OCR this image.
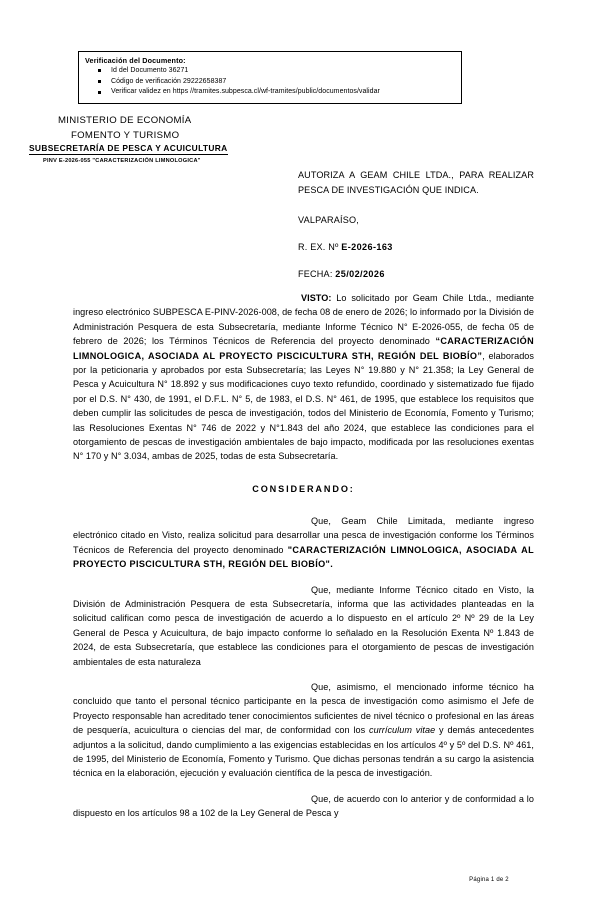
Verificación del Documento:
Id del Documento 36271
Código de verificación 29222658387
Verificar validez en https //tramites.subpesca.cl/wf-tramites/public/documentos/validar
MINISTERIO DE ECONOMÍA
FOMENTO Y TURISMO
SUBSECRETARÍA DE PESCA Y ACUICULTURA
PINV E-2026-055 "CARACTERIZACIÓN LIMNOLOGICA"

AUTORIZA A GEAM CHILE LTDA., PARA REALIZAR PESCA DE INVESTIGACIÓN QUE INDICA.

VALPARAÍSO,

R. EX. Nº E-2026-163

FECHA: 25/02/2026

VISTO: Lo solicitado por Geam Chile Ltda., mediante ingreso electrónico SUBPESCA E-PINV-2026-008, de fecha 08 de enero de 2026; lo informado por la División de Administración Pesquera de esta Subsecretaría, mediante Informe Técnico N° E-2026-055, de fecha 05 de febrero de 2026; los Términos Técnicos de Referencia del proyecto denominado “CARACTERIZACIÓN LIMNOLOGICA, ASOCIADA AL PROYECTO PISCICULTURA STH, REGIÓN DEL BIOBÍO”, elaborados por la peticionaria y aprobados por esta Subsecretaría; las Leyes N° 19.880 y N° 21.358; la Ley General de Pesca y Acuicultura N° 18.892 y sus modificaciones cuyo texto refundido, coordinado y sistematizado fue fijado por el D.S. N° 430, de 1991, el D.F.L. N° 5, de 1983, el D.S. N° 461, de 1995, que establece los requisitos que deben cumplir las solicitudes de pesca de investigación, todos del Ministerio de Economía, Fomento y Turismo; las Resoluciones Exentas N° 746 de 2022 y N°1.843 del año 2024, que establece las condiciones para el otorgamiento de pescas de investigación ambientales de bajo impacto, modificada por las resoluciones exentas N° 170 y N° 3.034, ambas de 2025, todas de esta Subsecretaría.

CONSIDERANDO:

Que, Geam Chile Limitada, mediante ingreso electrónico citado en Visto, realiza solicitud para desarrollar una pesca de investigación conforme los Términos Técnicos de Referencia del proyecto denominado "CARACTERIZACIÓN LIMNOLOGICA, ASOCIADA AL PROYECTO PISCICULTURA STH, REGIÓN DEL BIOBÍO".

Que, mediante Informe Técnico citado en Visto, la División de Administración Pesquera de esta Subsecretaría, informa que las actividades planteadas en la solicitud califican como pesca de investigación de acuerdo a lo dispuesto en el artículo 2º Nº 29 de la Ley General de Pesca y Acuicultura, de bajo impacto conforme lo señalado en la Resolución Exenta Nº 1.843 de 2024, de esta Subsecretaría, que establece las condiciones para el otorgamiento de pescas de investigación ambientales de esta naturaleza

Que, asimismo, el mencionado informe técnico ha concluido que tanto el personal técnico participante en la pesca de investigación como asimismo el Jefe de Proyecto responsable han acreditado tener conocimientos suficientes de nivel técnico o profesional en las áreas de pesquería, acuicultura o ciencias del mar, de conformidad con los currículum vitae y demás antecedentes adjuntos a la solicitud, dando cumplimiento a las exigencias establecidas en los artículos 4º y 5º del D.S. Nº 461, de 1995, del Ministerio de Economía, Fomento y Turismo. Que dichas personas tendrán a su cargo la asistencia técnica en la elaboración, ejecución y evaluación científica de la pesca de investigación.

Que, de acuerdo con lo anterior y de conformidad a lo dispuesto en los artículos 98 a 102 de la Ley General de Pesca y

Página 1 de 2
